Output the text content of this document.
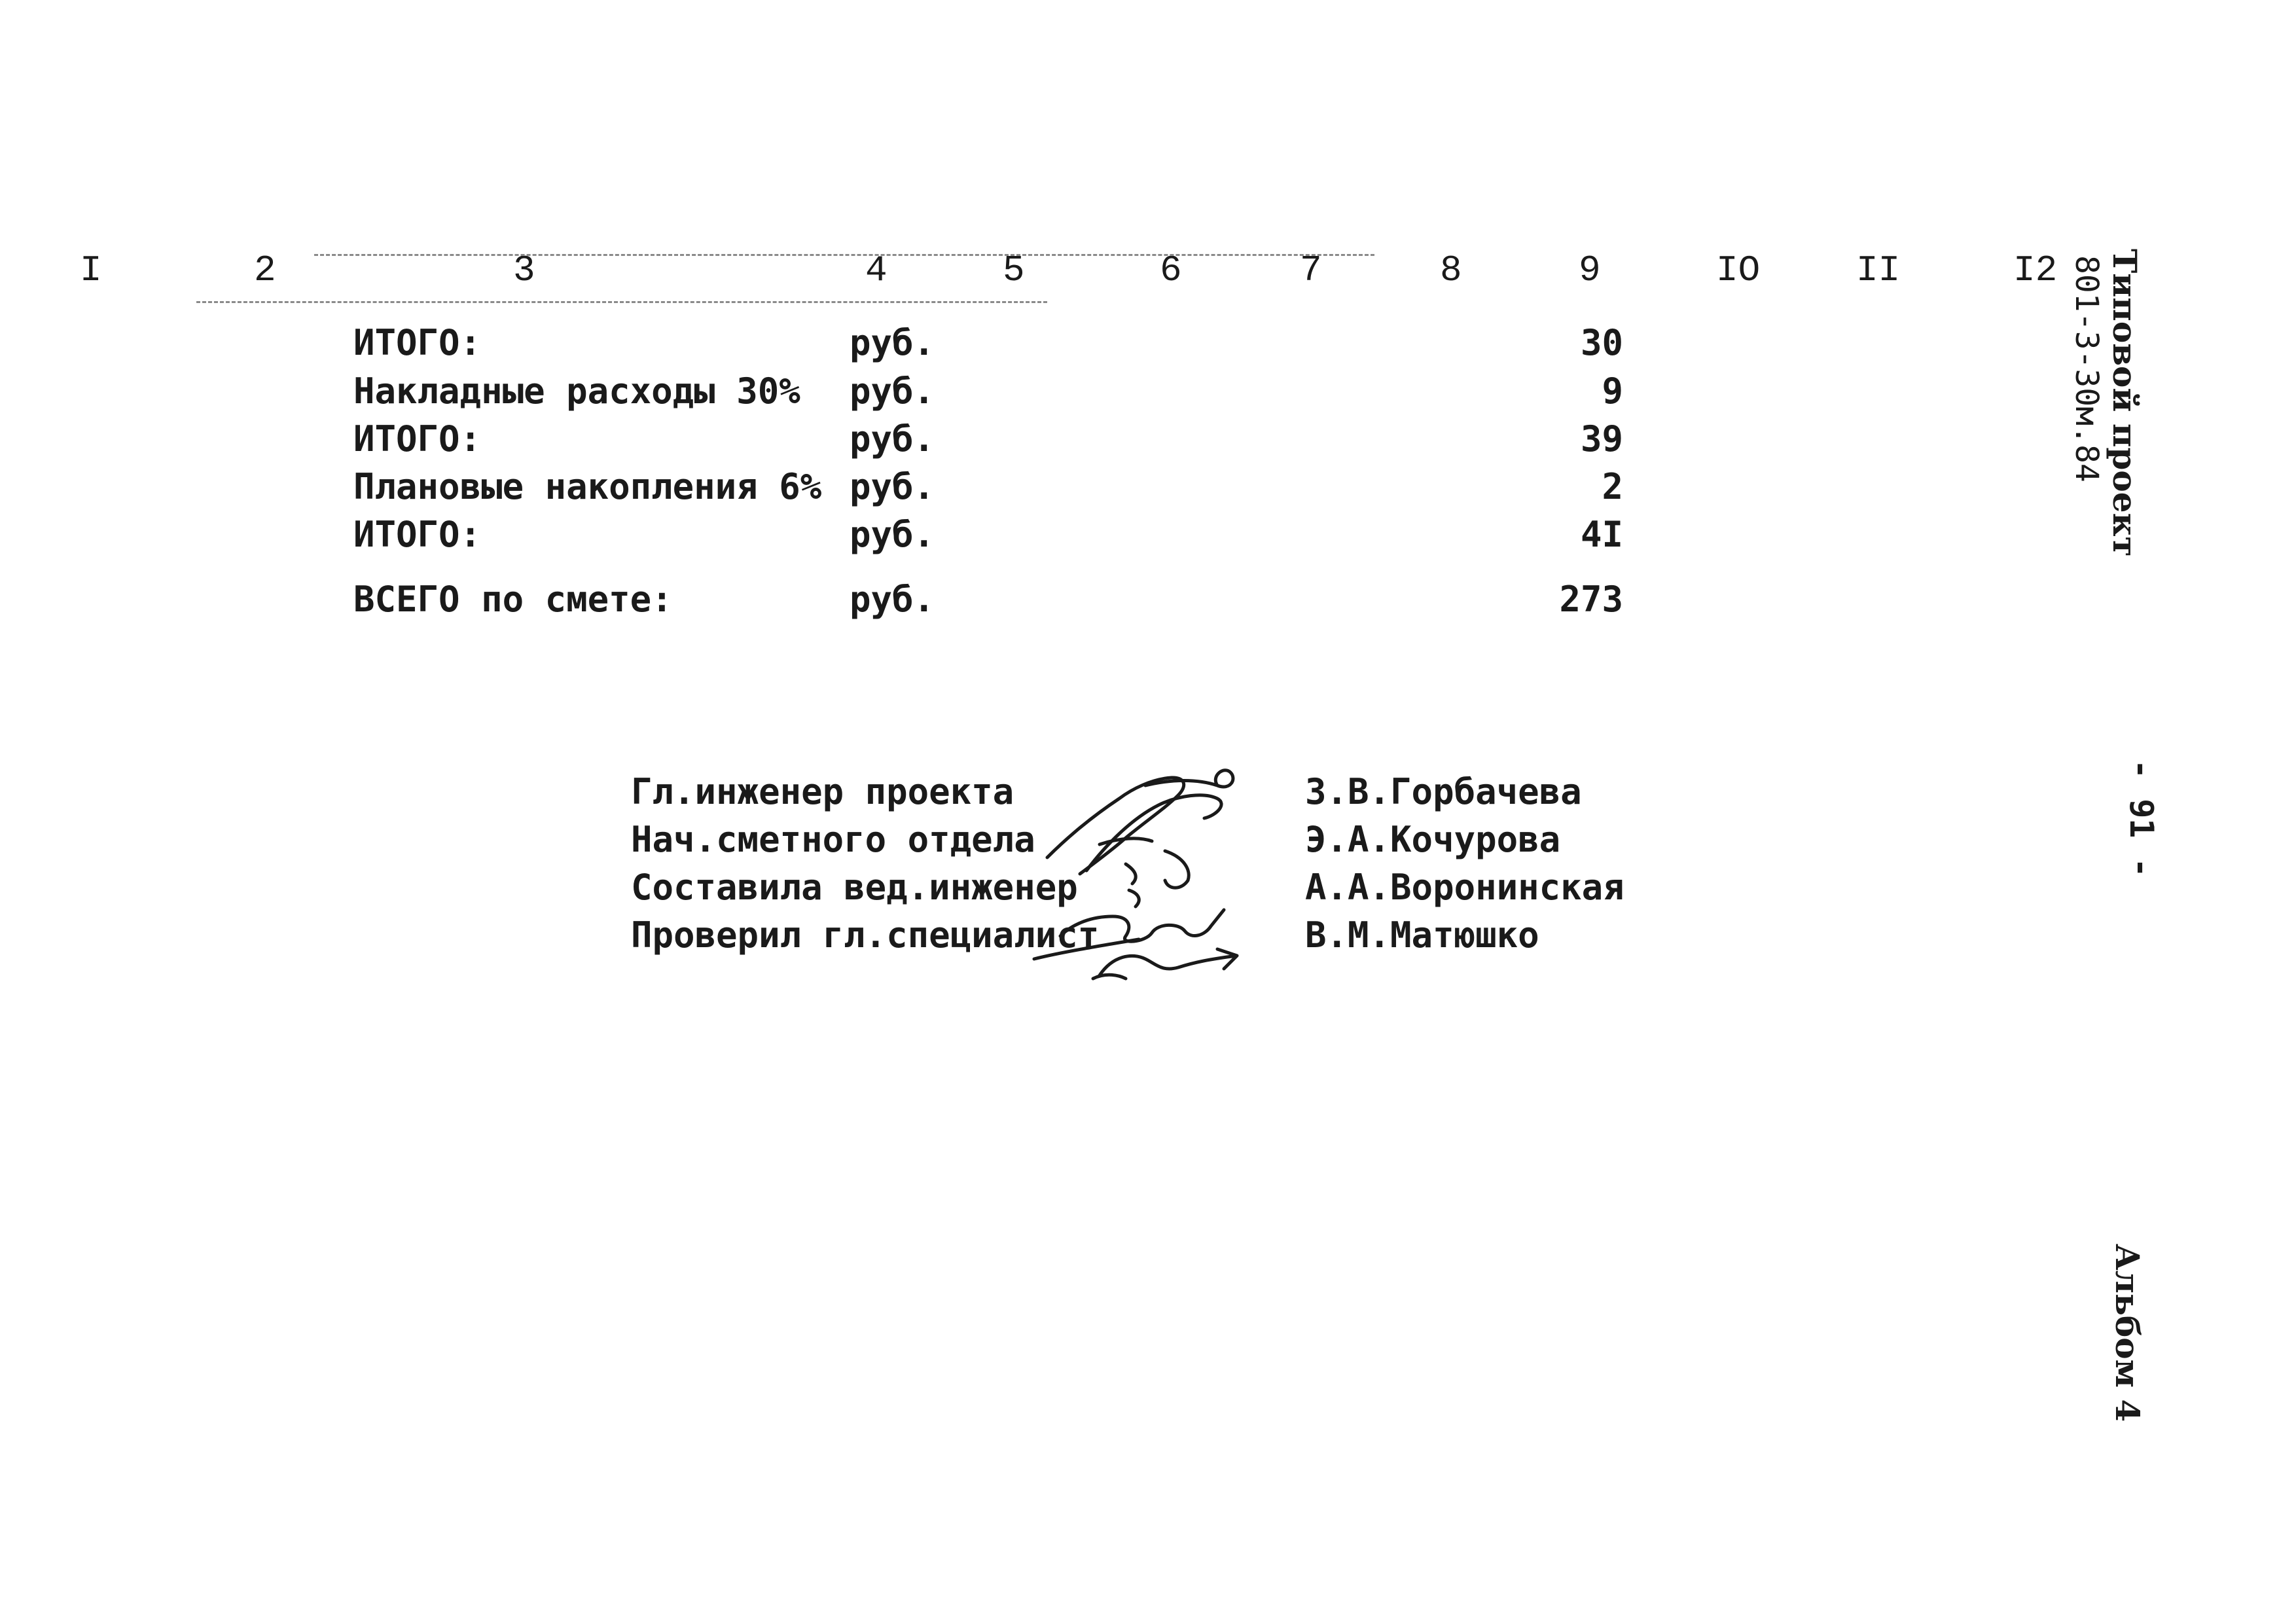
I	2	3	4	5	6	7	8	9	IO	II	I2
ИТОГО:	руб.	30
Накладные расходы 30% руб.	9
ИТОГО:	руб.	39
Плановые накопления 6% руб.	2
ИТОГО:	руб.	4I
ВСЕГО по смете:	руб.	273
Гл.инженер проекта	З.В.Горбачева
Нач.сметного отдела	Э.А.Кочурова
Составила вед.инженер	А.А.Воронинская
Проверил гл.специалист	В.М.Матюшко
Типовой проект
801-3-30м.84
- 91 -
Альбом 4
